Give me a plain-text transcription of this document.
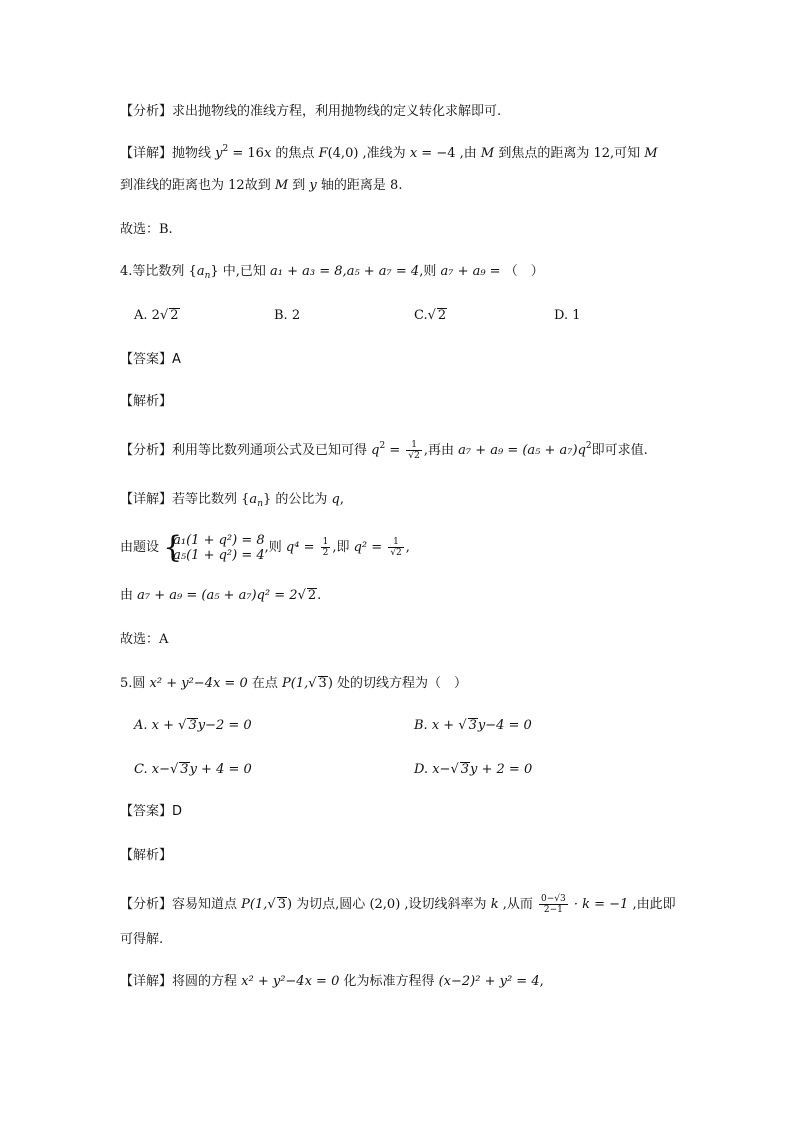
【分析】求出抛物线的准线方程，利用抛物线的定义转化求解即可.
【详解】抛物线 $y^2 = 16x$ 的焦点 F(4,0) ,准线为 x = −4 ,由 M 到焦点的距离为 12,可知 M
到准线的距离也为 12故到 M 到 y 轴的距离是 8.
故选：B.
4.等比数列 $\{a_n\}$ 中,已知 a₁ + a₃ = 8,a₅ + a₇ = 4,则 a₇ + a₉ = （　）
A. 2√ 2	B. 2	C.√ 2	D. 1
【答案】A
【解析】
【分析】利用等比数列通项公式及已知可得 $q^2 = \frac{1}{√2}$ ,再由 $a_7 + a_9 = (a_5 + a_7)q^2$即可求值.
【详解】若等比数列 $\{a_n\}$ 的公比为 q,
由题设 {
a₁(1 + q²) = 8
a₅(1 + q²) = 4 ,则 $q^4 = \frac{1}{2}$ ,即 $q^2 = \frac{1}{√2}$ ,
由 a₇ + a₉ = (a₅ + a₇)q² = 2√ 2.
故选：A
5.圆 x² + y²−4x = 0 在点 P(1,√ 3) 处的切线方程为（　）
A. x + √ 3y−2 = 0	B. x + √ 3y−4 = 0
C. x−√ 3y + 4 = 0	D. x−√ 3y + 2 = 0
【答案】D
【解析】
【分析】容易知道点 P(1,√ 3) 为切点,圆心 (2,0) ,设切线斜率为 k ,从而 $\frac{0-√3}{2-1} \cdot k = -1$ ,由此即
可得解.
【详解】将圆的方程 x² + y²−4x = 0 化为标准方程得 (x−2)² + y² = 4,
